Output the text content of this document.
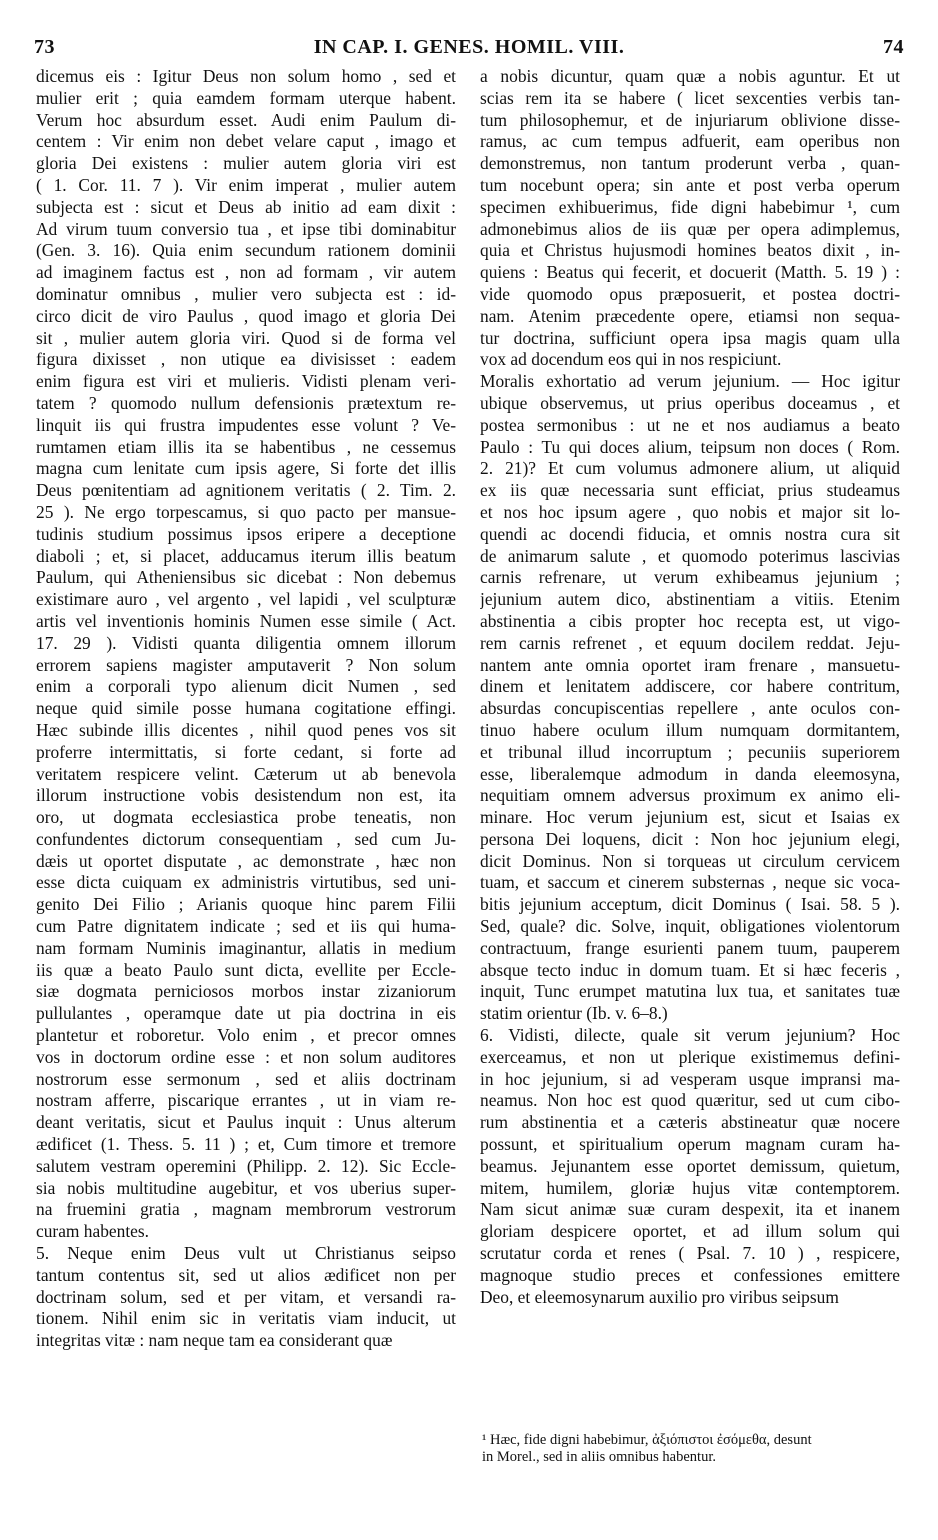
73	IN CAP. I. GENES. HOMIL. VIII.	74
dicemus eis : Igitur Deus non solum homo , sed et
mulier erit ; quia eamdem formam uterque habent.
Verum hoc absurdum esset. Audi enim Paulum di-
centem : Vir enim non debet velare caput , imago et
gloria Dei existens : mulier autem gloria viri est
( 1. Cor. 11. 7 ). Vir enim imperat , mulier autem
subjecta est : sicut et Deus ab initio ad eam dixit :
Ad virum tuum conversio tua , et ipse tibi dominabitur
(Gen. 3. 16). Quia enim secundum rationem dominii
ad imaginem factus est , non ad formam , vir autem
dominatur omnibus , mulier vero subjecta est : id-
circo dicit de viro Paulus , quod imago et gloria Dei
sit , mulier autem gloria viri. Quod si de forma vel
figura dixisset , non utique ea divisisset : eadem
enim figura est viri et mulieris. Vidisti plenam veri-
tatem ? quomodo nullum defensionis prætextum re-
linquit iis qui frustra impudentes esse volunt ? Ve-
rumtamen etiam illis ita se habentibus , ne cessemus
magna cum lenitate cum ipsis agere, Si forte det illis
Deus pœnitentiam ad agnitionem veritatis ( 2. Tim. 2.
25 ). Ne ergo torpescamus, si quo pacto per mansue-
tudinis studium possimus ipsos eripere a deceptione
diaboli ; et, si placet, adducamus iterum illis beatum
Paulum, qui Atheniensibus sic dicebat : Non debemus
existimare auro , vel argento , vel lapidi , vel sculpturæ
artis vel inventionis hominis Numen esse simile ( Act.
17. 29 ). Vidisti quanta diligentia omnem illorum
errorem sapiens magister amputaverit ? Non solum
enim a corporali typo alienum dicit Numen , sed
neque quid simile posse humana cogitatione effingi.
Hæc subinde illis dicentes , nihil quod penes vos sit
proferre intermittatis, si forte cedant, si forte ad
veritatem respicere velint. Cæterum ut ab benevola
illorum instructione vobis desistendum non est, ita
oro, ut dogmata ecclesiastica probe teneatis, non
confundentes dictorum consequentiam , sed cum Ju-
dæis ut oportet disputate , ac demonstrate , hæc non
esse dicta cuiquam ex administris virtutibus, sed uni-
genito Dei Filio ; Arianis quoque hinc parem Filii
cum Patre dignitatem indicate ; sed et iis qui huma-
nam formam Numinis imaginantur, allatis in medium
iis quæ a beato Paulo sunt dicta, evellite per Eccle-
siæ dogmata perniciosos morbos instar zizaniorum
pullulantes , operamque date ut pia doctrina in eis
plantetur et roboretur. Volo enim , et precor omnes
vos in doctorum ordine esse : et non solum auditores
nostrorum esse sermonum , sed et aliis doctrinam
nostram afferre, piscarique errantes , ut in viam re-
deant veritatis, sicut et Paulus inquit : Unus alterum
ædificet (1. Thess. 5. 11 ) ; et, Cum timore et tremore
salutem vestram operemini (Philipp. 2. 12). Sic Eccle-
sia nobis multitudine augebitur, et vos uberius super-
na fruemini gratia , magnam membrorum vestrorum
curam habentes.
5. Neque enim Deus vult ut Christianus seipso
tantum contentus sit, sed ut alios ædificet non per
doctrinam solum, sed et per vitam, et versandi ra-
tionem. Nihil enim sic in veritatis viam inducit, ut
integritas vitæ : nam neque tam ea considerant quæ
a nobis dicuntur, quam quæ a nobis aguntur. Et ut
scias rem ita se habere ( licet sexcenties verbis tan-
tum philosophemur, et de injuriarum oblivione disse-
ramus, ac cum tempus adfuerit, eam operibus non
demonstremus, non tantum proderunt verba , quan-
tum nocebunt opera; sin ante et post verba operum
specimen exhibuerimus, fide digni habebimur ¹, cum
admonebimus alios de iis quæ per opera adimplemus,
quia et Christus hujusmodi homines beatos dixit , in-
quiens : Beatus qui fecerit, et docuerit (Matth. 5. 19 ) :
vide quomodo opus præposuerit, et postea doctri-
nam. Atenim præcedente opere, etiamsi non sequa-
tur doctrina, sufficiunt opera ipsa magis quam ulla
vox ad docendum eos qui in nos respiciunt.
Moralis exhortatio ad verum jejunium. — Hoc igitur
ubique observemus, ut prius operibus doceamus , et
postea sermonibus : ut ne et nos audiamus a beato
Paulo : Tu qui doces alium, teipsum non doces ( Rom.
2. 21)? Et cum volumus admonere alium, ut aliquid
ex iis quæ necessaria sunt efficiat, prius studeamus
et nos hoc ipsum agere , quo nobis et major sit lo-
quendi ac docendi fiducia, et omnis nostra cura sit
de animarum salute , et quomodo poterimus lascivias
carnis refrenare, ut verum exhibeamus jejunium ;
jejunium autem dico, abstinentiam a vitiis. Etenim
abstinentia a cibis propter hoc recepta est, ut vigo-
rem carnis refrenet , et equum docilem reddat. Jeju-
nantem ante omnia oportet iram frenare , mansuetu-
dinem et lenitatem addiscere, cor habere contritum,
absurdas concupiscentias repellere , ante oculos con-
tinuo habere oculum illum numquam dormitantem,
et tribunal illud incorruptum ; pecuniis superiorem
esse, liberalemque admodum in danda eleemosyna,
nequitiam omnem adversus proximum ex animo eli-
minare. Hoc verum jejunium est, sicut et Isaias ex
persona Dei loquens, dicit : Non hoc jejunium elegi,
dicit Dominus. Non si torqueas ut circulum cervicem
tuam, et saccum et cinerem substernas , neque sic voca-
bitis jejunium acceptum, dicit Dominus ( Isai. 58. 5 ).
Sed, quale? dic. Solve, inquit, obligationes violentorum
contractuum, frange esurienti panem tuum, pauperem
absque tecto induc in domum tuam. Et si hæc feceris ,
inquit, Tunc erumpet matutina lux tua, et sanitates tuæ
statim orientur (Ib. v. 6–8.)
6. Vidisti, dilecte, quale sit verum jejunium? Hoc
exerceamus, et non ut plerique existimemus defini-
in hoc jejunium, si ad vesperam usque impransi ma-
neamus. Non hoc est quod quæritur, sed ut cum cibo-
rum abstinentia et a cæteris abstineatur quæ nocere
possunt, et spiritualium operum magnam curam ha-
beamus. Jejunantem esse oportet demissum, quietum,
mitem, humilem, gloriæ hujus vitæ contemptorem.
Nam sicut animæ suæ curam despexit, ita et inanem
gloriam despicere oportet, et ad illum solum qui
scrutatur corda et renes ( Psal. 7. 10 ) , respicere,
magnoque studio preces et confessiones emittere
Deo, et eleemosynarum auxilio pro viribus seipsum
¹ Hæc, fide digni habebimur, ἀξιόπιστοι ἐσόμεθα, desunt
in Morel., sed in aliis omnibus habentur.
